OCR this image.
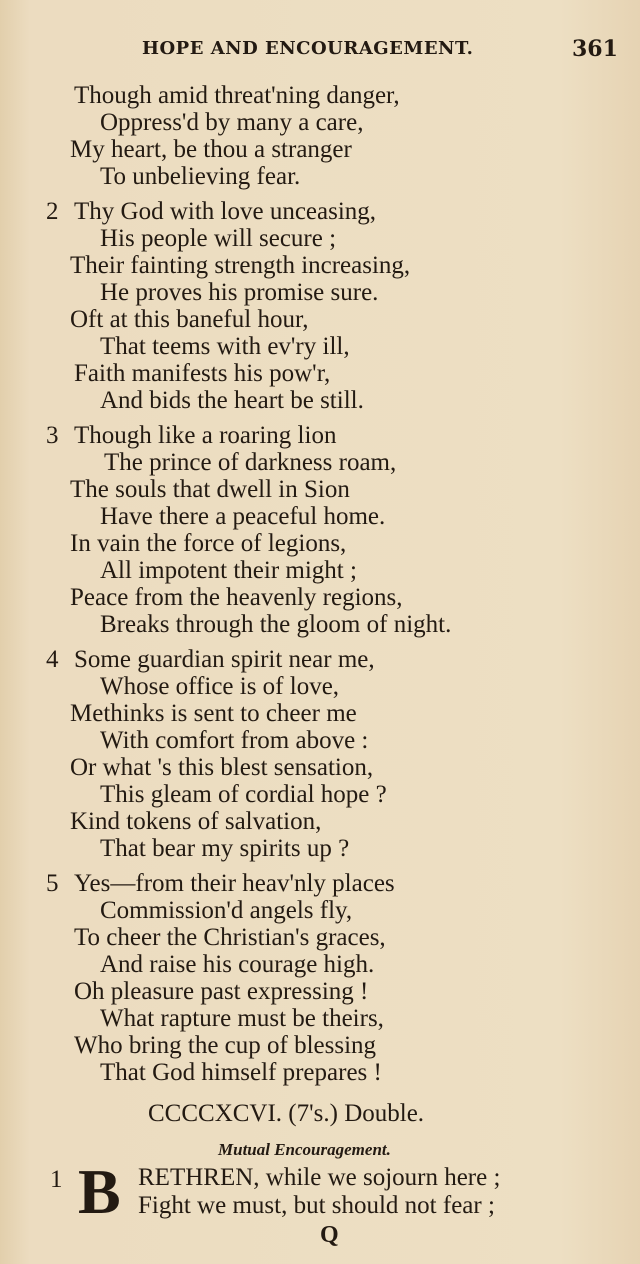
HOPE AND ENCOURAGEMENT.	361
Though amid threat'ning danger,
Oppress'd by many a care,
My heart, be thou a stranger
To unbelieving fear.
2 Thy God with love unceasing,
His people will secure ;
Their fainting strength increasing,
He proves his promise sure.
Oft at this baneful hour,
That teems with ev'ry ill,
Faith manifests his pow'r,
And bids the heart be still.
3 Though like a roaring lion
The prince of darkness roam,
The souls that dwell in Sion
Have there a peaceful home.
In vain the force of legions,
All impotent their might ;
Peace from the heavenly regions,
Breaks through the gloom of night.
4 Some guardian spirit near me,
Whose office is of love,
Methinks is sent to cheer me
With comfort from above :
Or what 's this blest sensation,
This gleam of cordial hope ?
Kind tokens of salvation,
That bear my spirits up ?
5 Yes—from their heav'nly places
Commission'd angels fly,
To cheer the Christian's graces,
And raise his courage high.
Oh pleasure past expressing !
What rapture must be theirs,
Who bring the cup of blessing
That God himself prepares !
CCCCXCVI. (7's.) Double.
Mutual Encouragement.
1 B RETHREN, while we sojourn here ;
Fight we must, but should not fear ;
Q
